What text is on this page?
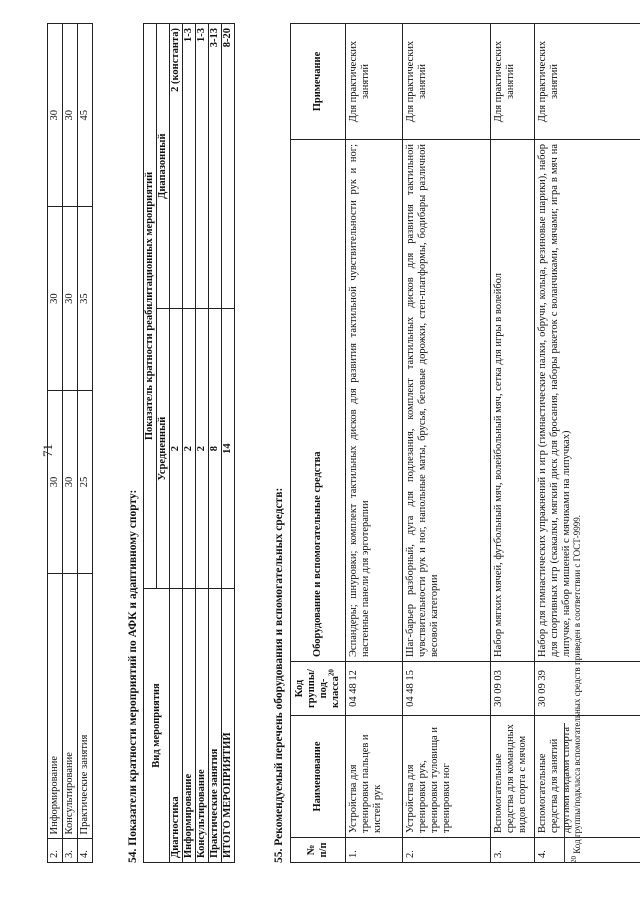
71
2.	Информирование	30	30	30
3.	Консультирование	30	30	30
4.	Практические занятия	25	35	45
54. Показатели кратности мероприятий по АФК и адаптивному спорту: Вид мероприятия	Показатель кратности реабилитационных мероприятий	
	Усредненный	Диапазонный
Диагностика	2	2 (константа)
Информирование	2	1-3
Консультирование	2	1-3
Практические занятия	8	3-13
ИТОГО МЕРОПРИЯТИЙ	14	8-20
55. Рекомендуемый перечень оборудования и вспомогательных средств: № п/п	Наименование	Код группы/под-класса$^{20}$	Оборудование и вспомогательные средства	Примечание
1.	Устройства для тренировки пальцев и кистей рук	04 48 12	Эспандеры; шнуровки; комплект тактильных дисков для развития тактильной чувствительности рук и ног; настенные панели для эрготерапии	Для практических занятий
2.	Устройства для тренировки рук, тренировки туловища и тренировки ног	04 48 15	Шаг-барьер разборный, дуга для подлезания, комплект тактильных дисков для развития тактильной чувствительности рук и ног, напольные маты, брусья, беговые дорожки, степ-платформы, бодибары различной весовой категории	Для практических занятий
3.	Вспомогательные средства для командных видов спорта с мячом	30 09 03	Набор мягких мячей, футбольный мяч, волейбольный мяч, сетка для игры в волейбол	Для практических занятий
4.	Вспомогательные средства для занятий другими видами спорта	30 09 39	Набор для гимнастических упражнений и игр (гимнастические палки, обручи, кольца, резиновые шарики), набор для спортивных игр (скакалки, мягкий диск для бросания, наборы ракеток с воланчиками, мячами; игра в мяч на липучке, набор мишеней с мячиками на липучках)	Для практических занятий
$^{20}$ Код группы/подкласса вспомогательных средств приведен в соответствии с ГОСТ-9999.
